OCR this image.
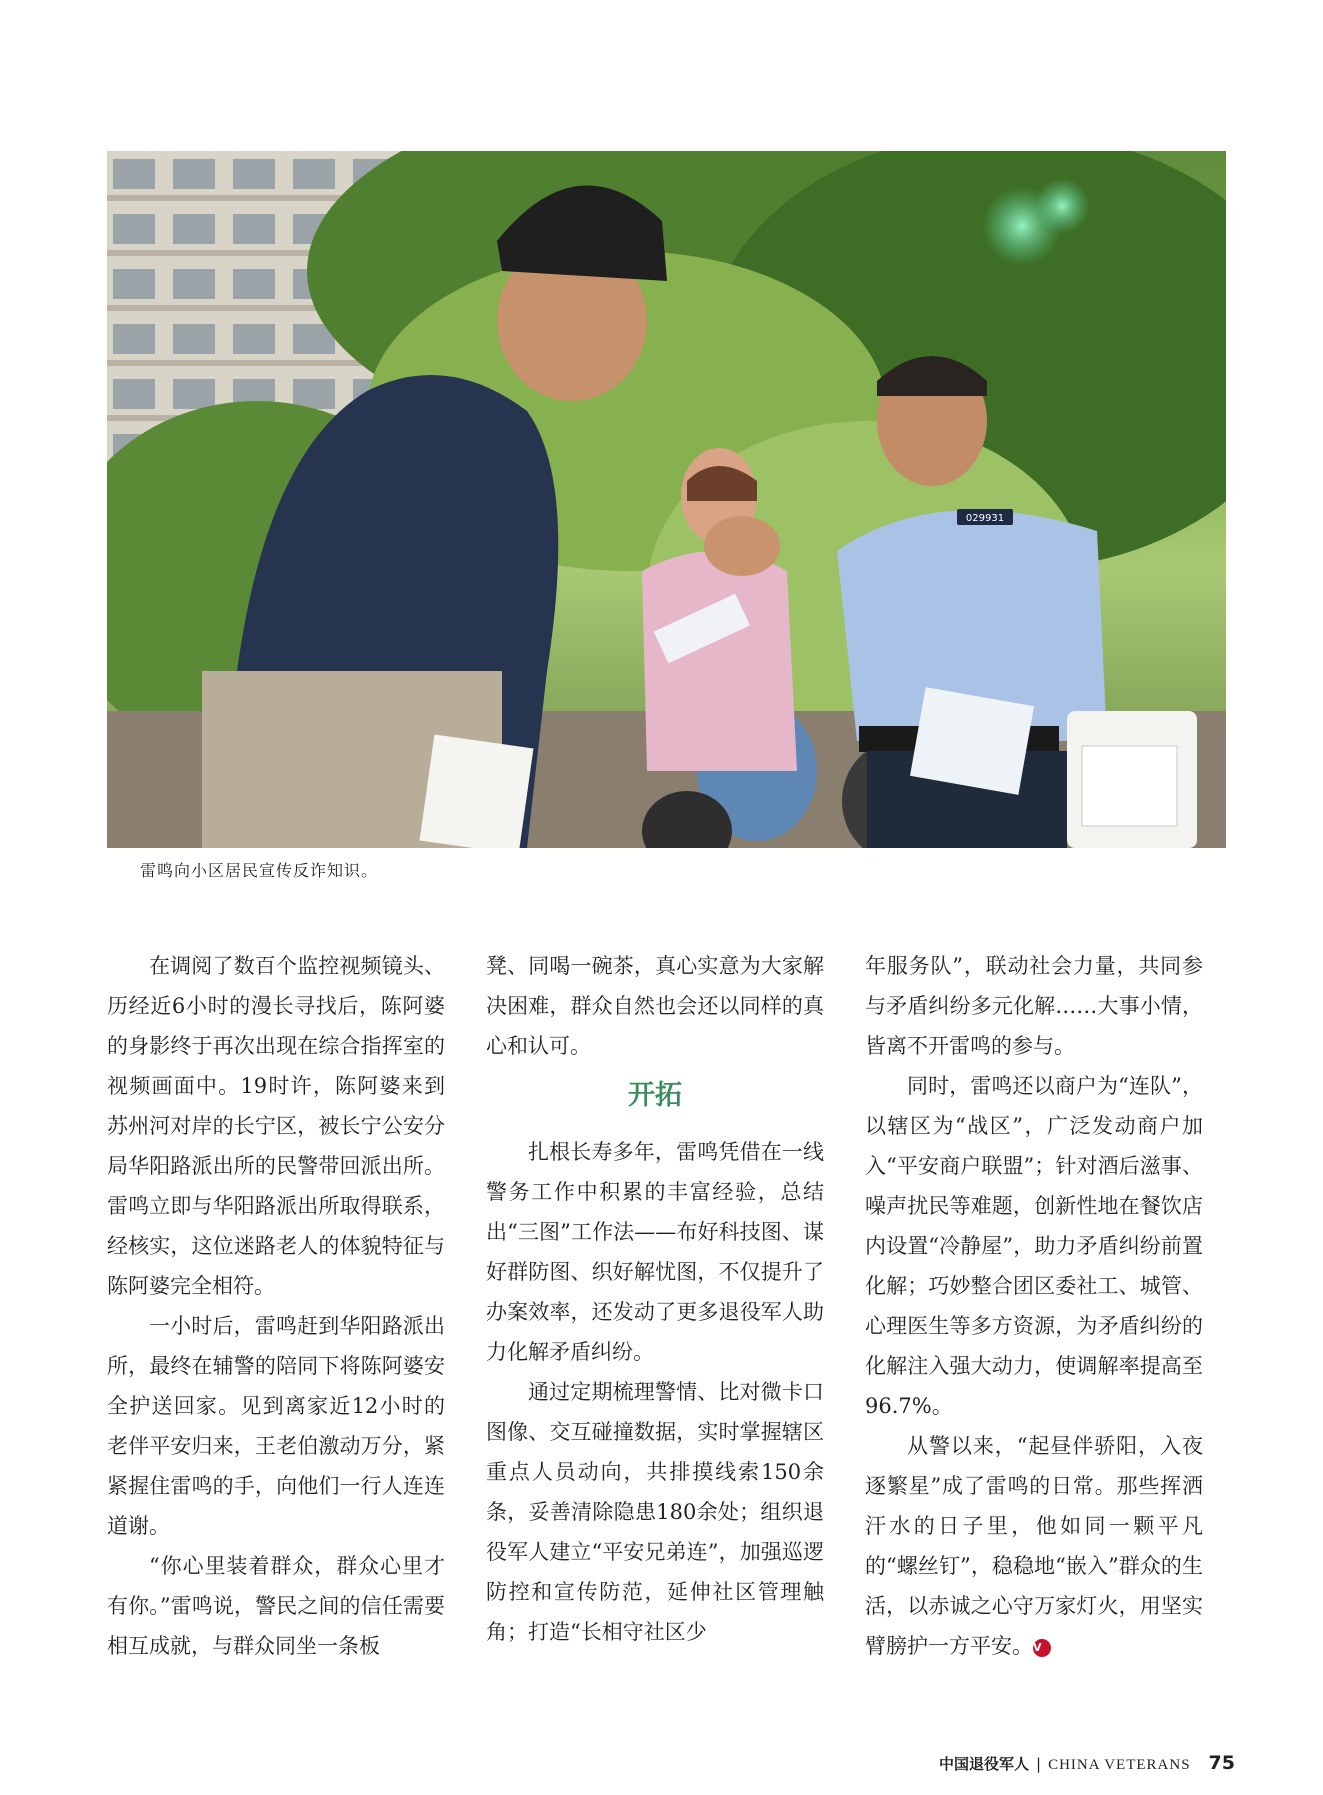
029931
雷鸣向小区居民宣传反诈知识。

在调阅了数百个监控视频镜头、历经近6小时的漫长寻找后，陈阿婆的身影终于再次出现在综合指挥室的视频画面中。19时许，陈阿婆来到苏州河对岸的长宁区，被长宁公安分局华阳路派出所的民警带回派出所。雷鸣立即与华阳路派出所取得联系，经核实，这位迷路老人的体貌特征与陈阿婆完全相符。

一小时后，雷鸣赶到华阳路派出所，最终在辅警的陪同下将陈阿婆安全护送回家。见到离家近12小时的老伴平安归来，王老伯激动万分，紧紧握住雷鸣的手，向他们一行人连连道谢。

“你心里装着群众，群众心里才有你。”雷鸣说，警民之间的信任需要相互成就，与群众同坐一条板

凳、同喝一碗茶，真心实意为大家解决困难，群众自然也会还以同样的真心和认可。

开拓

扎根长寿多年，雷鸣凭借在一线警务工作中积累的丰富经验，总结出“三图”工作法——布好科技图、谋好群防图、织好解忧图，不仅提升了办案效率，还发动了更多退役军人助力化解矛盾纠纷。

通过定期梳理警情、比对微卡口图像、交互碰撞数据，实时掌握辖区重点人员动向，共排摸线索150余条，妥善清除隐患180余处；组织退役军人建立“平安兄弟连”，加强巡逻防控和宣传防范，延伸社区管理触角；打造“长相守社区少

年服务队”，联动社会力量，共同参与矛盾纠纷多元化解……大事小情，皆离不开雷鸣的参与。

同时，雷鸣还以商户为“连队”，以辖区为“战区”，广泛发动商户加入“平安商户联盟”；针对酒后滋事、噪声扰民等难题，创新性地在餐饮店内设置“冷静屋”，助力矛盾纠纷前置化解；巧妙整合团区委社工、城管、心理医生等多方资源，为矛盾纠纷的化解注入强大动力，使调解率提高至96.7%。

从警以来，“起昼伴骄阳，入夜逐繁星”成了雷鸣的日常。那些挥洒汗水的日子里，他如同一颗平凡的“螺丝钉”，稳稳地“嵌入”群众的生活，以赤诚之心守万家灯火，用坚实臂膀护一方平安。V

中国退役军人 | CHINA VETERANS 75
